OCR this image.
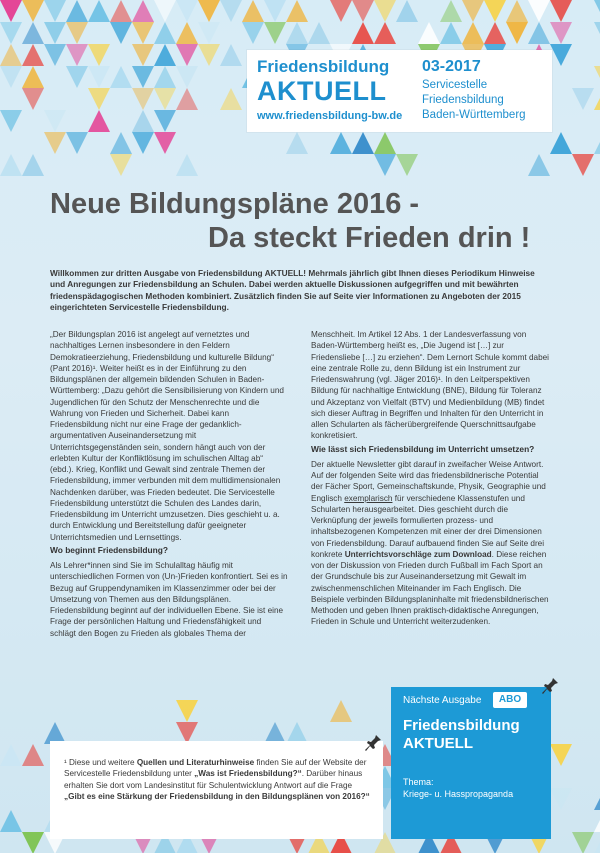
Friedensbildung
AKTUELL
www.friedensbildung-bw.de
03-2017
Servicestelle
Friedensbildung
Baden-Württemberg
Neue Bildungspläne 2016 -
Da steckt Frieden drin !
Willkommen zur dritten Ausgabe von Friedensbildung AKTUELL! Mehrmals jährlich gibt Ihnen dieses Periodikum Hinweise und Anregungen zur Friedensbildung an Schulen. Dabei werden aktuelle Diskussionen aufgegriffen und mit bewährten friedenspädagogischen Methoden kombiniert. Zusätzlich finden Sie auf Seite vier Informationen zu Angeboten der 2015 eingerichteten Servicestelle Friedensbildung.

„Der Bildungsplan 2016 ist angelegt auf vernetztes und nachhaltiges Lernen insbesondere in den Feldern Demokratieerziehung, Friedensbildung und kulturelle Bildung“ (Pant 2016)¹. Weiter heißt es in der Einführung zu den Bildungsplänen der allgemein bildenden Schulen in Baden-Württemberg: „Dazu gehört die Sensibilisierung von Kindern und Jugendlichen für den Schutz der Menschenrechte und die Wahrung von Frieden und Sicherheit. Dabei kann Friedensbildung nicht nur eine Frage der gedanklich-argumentativen Auseinandersetzung mit Unterrichtsgegenständen sein, sondern hängt auch von der erlebten Kultur der Konfliktlösung im schulischen Alltag ab“ (ebd.). Krieg, Konflikt und Gewalt sind zentrale Themen der Friedensbildung, immer verbunden mit dem multidimensionalen Nachdenken darüber, was Frieden bedeutet. Die Servicestelle Friedensbildung unterstützt die Schulen des Landes darin, Friedensbildung im Unterricht umzusetzen. Dies geschieht u. a. durch Entwicklung und Bereitstellung dafür geeigneter Unterrichtsmedien und Lernsettings.

Wo beginnt Friedensbildung?

Als Lehrer*innen sind Sie im Schulalltag häufig mit unterschiedlichen Formen von (Un-)Frieden konfrontiert. Sei es in Bezug auf Gruppendynamiken im Klassenzimmer oder bei der Umsetzung von Themen aus den Bildungsplänen. Friedensbildung beginnt auf der individuellen Ebene. Sie ist eine Frage der persönlichen Haltung und Friedensfähigkeit und schlägt den Bogen zu Frieden als globales Thema der

Menschheit. Im Artikel 12 Abs. 1 der Landesverfassung von Baden-Württemberg heißt es, „Die Jugend ist […] zur Friedensliebe […] zu erziehen“. Dem Lernort Schule kommt dabei eine zentrale Rolle zu, denn Bildung ist ein Instrument zur Friedenswahrung (vgl. Jäger 2016)¹. In den Leitperspektiven Bildung für nachhaltige Entwicklung (BNE), Bildung für Toleranz und Akzeptanz von Vielfalt (BTV) und Medienbildung (MB) findet sich dieser Auftrag in Begriffen und Inhalten für den Unterricht in allen Schularten als fächerübergreifende Querschnittsaufgabe konkretisiert.

Wie lässt sich Friedensbildung im Unterricht umsetzen?

Der aktuelle Newsletter gibt darauf in zweifacher Weise Antwort. Auf der folgenden Seite wird das friedensbildnerische Potential der Fächer Sport, Gemeinschaftskunde, Physik, Geographie und Englisch exemplarisch für verschiedene Klassenstufen und Schularten herausgearbeitet. Dies geschieht durch die Verknüpfung der jeweils formulierten prozess- und inhaltsbezogenen Kompetenzen mit einer der drei Dimensionen von Friedensbildung. Darauf aufbauend finden Sie auf Seite drei konkrete Unterrichtsvorschläge zum Download. Diese reichen von der Diskussion von Frieden durch Fußball im Fach Sport an der Grundschule bis zur Auseinandersetzung mit Gewalt im zwischenmenschlichen Miteinander im Fach Englisch. Die Beispiele verbinden Bildungsplaninhalte mit friedensbildnerischen Methoden und geben Ihnen praktisch-didaktische Anregungen, Frieden in Schule und Unterricht weiterzudenken.

¹ Diese und weitere Quellen und Literaturhinweise finden Sie auf der Website der Servicestelle Friedensbildung unter „Was ist Friedensbildung?“. Darüber hinaus erhalten Sie dort vom Landesinstitut für Schulentwicklung Antwort auf die Frage „Gibt es eine Stärkung der Friedensbildung in den Bildungsplänen von 2016?“
Nächste Ausgabe	ABO
Friedensbildung
AKTUELL
Thema:
Kriege- u. Hasspropaganda
